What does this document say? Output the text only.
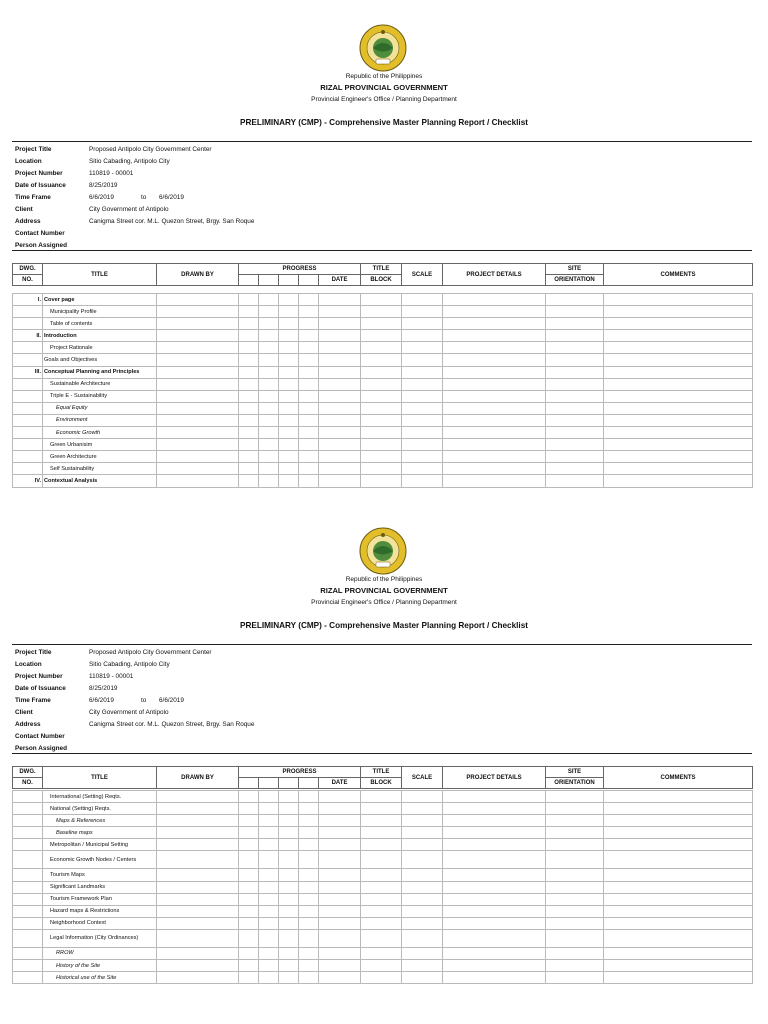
Republic of the Philippines
RIZAL PROVINCIAL GOVERNMENT
Provincial Engineer's Office / Planning Department
PRELIMINARY (CMP) - Comprehensive Master Planning Report / Checklist
Project Title	Proposed Antipolo City Government Center
Location	Sitio Cabading, Antipolo City
Project Number	110819 - 00001
Date of Issuance	8/25/2019
Time Frame	6/6/2019	to 6/6/2019
Client	City Government of Antipolo
Address	Canigma Street cor. M.L. Quezon Street, Brgy. San Roque
Contact Number
Person Assigned
DWG.	TITLE	DRAWN BY	PROGRESS					TITLE	SCALE	PROJECT DETAILS	SITE	COMMENTS
NO.							DATE	BLOCK			ORIENTATION	
I.	Cover page											
	Municipality Profile											
	Table of contents											
II.	Introduction											
	Project Rationale											
	Goals and Objectives											
III.	Conceptual Planning and Principles											
	Sustainable Architecture											
	Triple E - Sustainability											
	Equal Equity											
	Environment											
	Economic Growth											
	Green Urbanisim											
	Green Architecture											
	Self Sustainability											
IV.	Contextual Analysis											
Republic of the Philippines
RIZAL PROVINCIAL GOVERNMENT
Provincial Engineer's Office / Planning Department
PRELIMINARY (CMP) - Comprehensive Master Planning Report / Checklist
Project Title	Proposed Antipolo City Government Center
Location	Sitio Cabading, Antipolo City
Project Number	110819 - 00001
Date of Issuance	8/25/2019
Time Frame	6/6/2019	to 6/6/2019
Client	City Government of Antipolo
Address	Canigma Street cor. M.L. Quezon Street, Brgy. San Roque
Contact Number
Person Assigned
DWG.	TITLE	DRAWN BY	PROGRESS					TITLE	SCALE	PROJECT DETAILS	SITE	COMMENTS
NO.							DATE	BLOCK			ORIENTATION	
	International (Setting) Reqts.											
	National (Setting) Reqts.											
	Maps & References											
	Baseline maps											
	Metropolitan / Municipal Setting											
	Economic Growth Nodes / Centers											
	Tourism Maps											
	Significant Landmarks											
	Tourism Framework Plan											
	Hazard maps & Restrictions											
	Neighborhood Context											
	Legal Information (City Ordinances)											
	RROW											
	History of the Site											
	Historical use of the Site											
